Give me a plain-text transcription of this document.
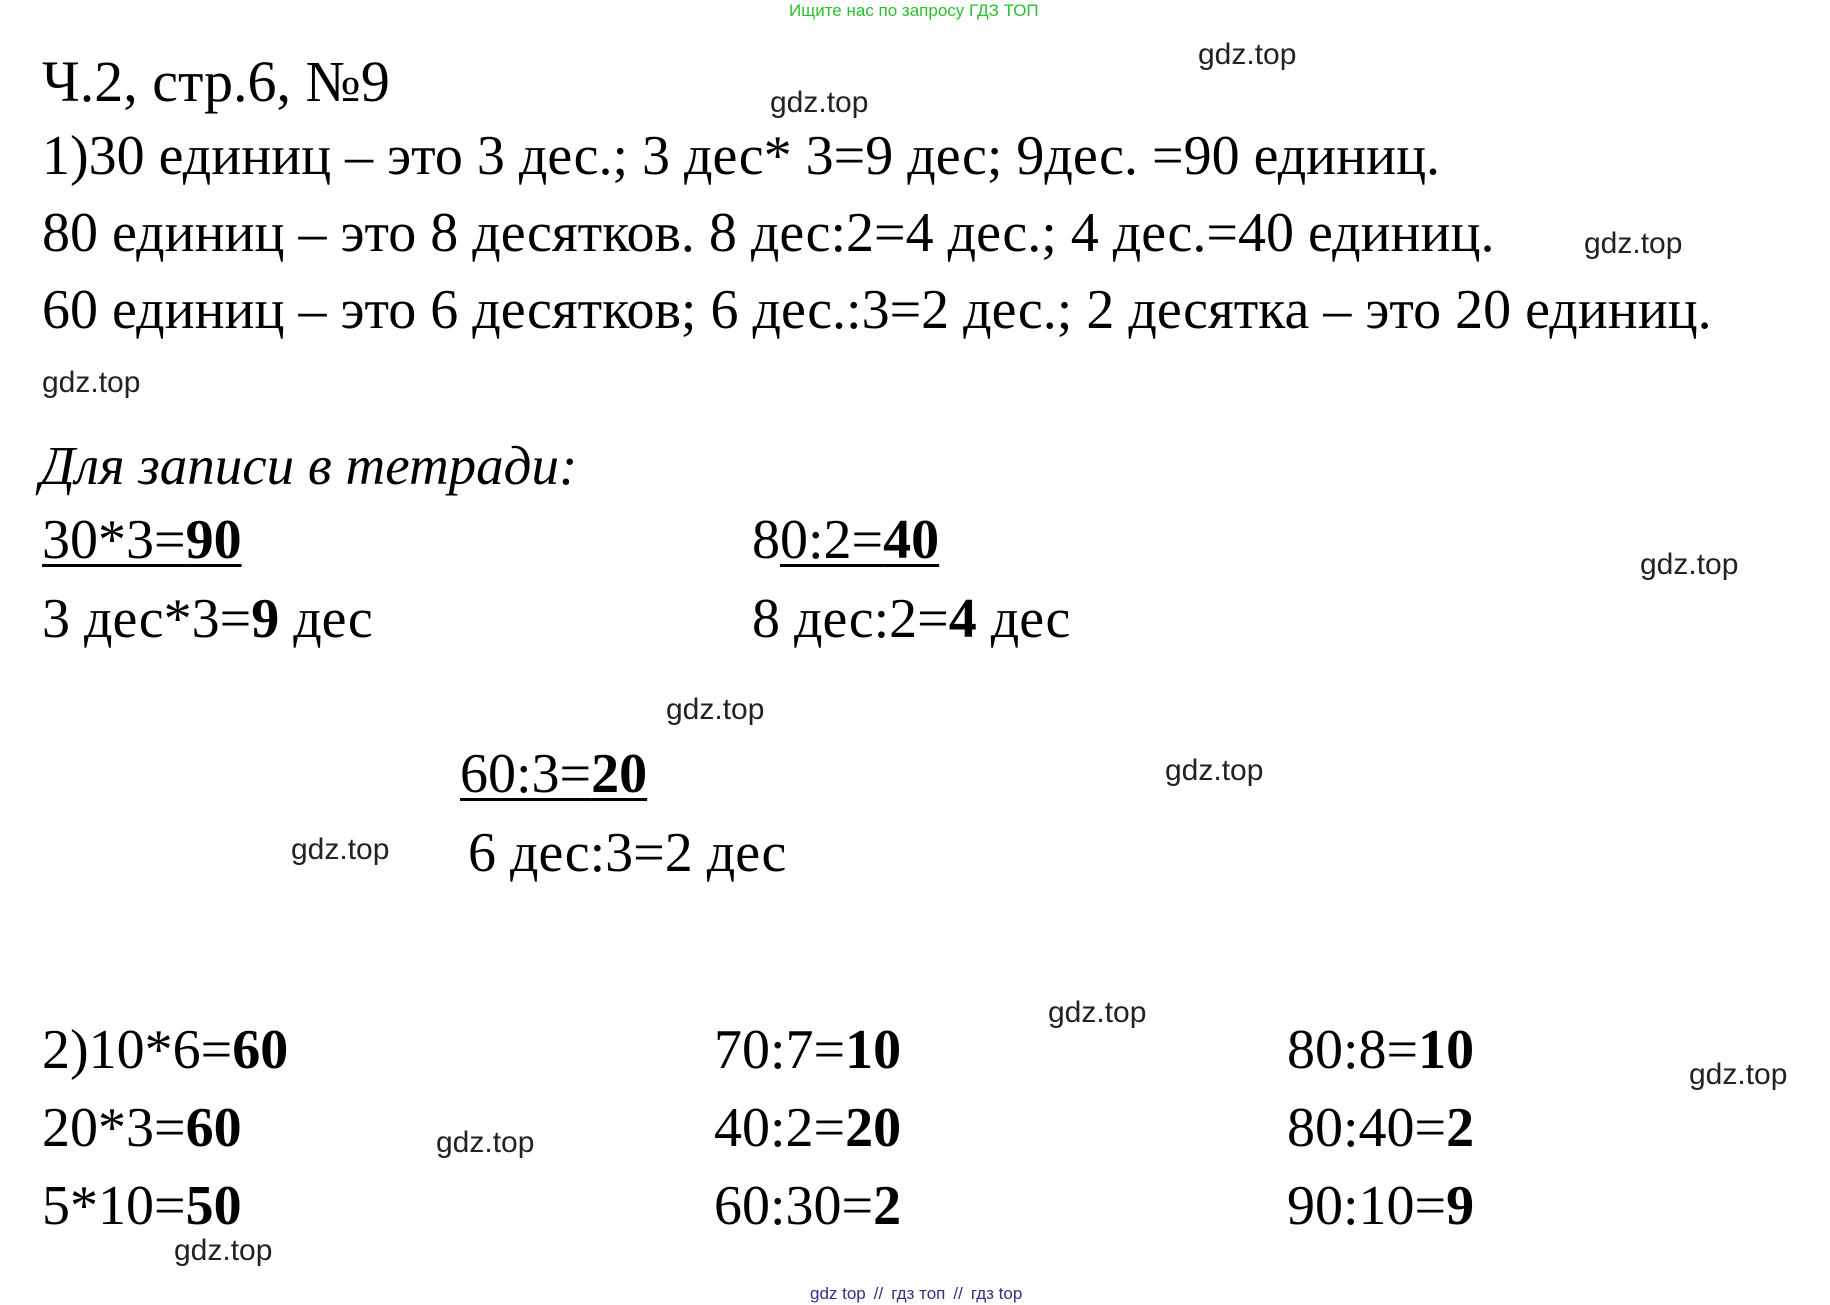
Ищите нас по запросу ГДЗ ТОП
Ч.2, стр.6, №9
1)30 единиц – это 3 дес.; 3 дес* 3=9 дес; 9дес. =90 единиц.
80 единиц – это 8 десятков. 8 дес:2=4 дес.; 4 дес.=40 единиц.
60 единиц – это 6 десятков; 6 дес.:3=2 дес.; 2 десятка – это 20 единиц.
Для записи в тетради:
30*3=90
3 дес*3=9 дес
80:2=40
8 дес:2=4 дес
60:3=20
6 дес:3=2 дес
2)10*6=60
20*3=60
5*10=50
70:7=10
40:2=20
60:30=2
80:8=10
80:40=2
90:10=9
gdz.top
gdz.top
gdz.top
gdz.top
gdz.top
gdz.top
gdz.top
gdz.top
gdz.top
gdz.top
gdz.top
gdz.top
gdz top // гдз топ // гдз top
